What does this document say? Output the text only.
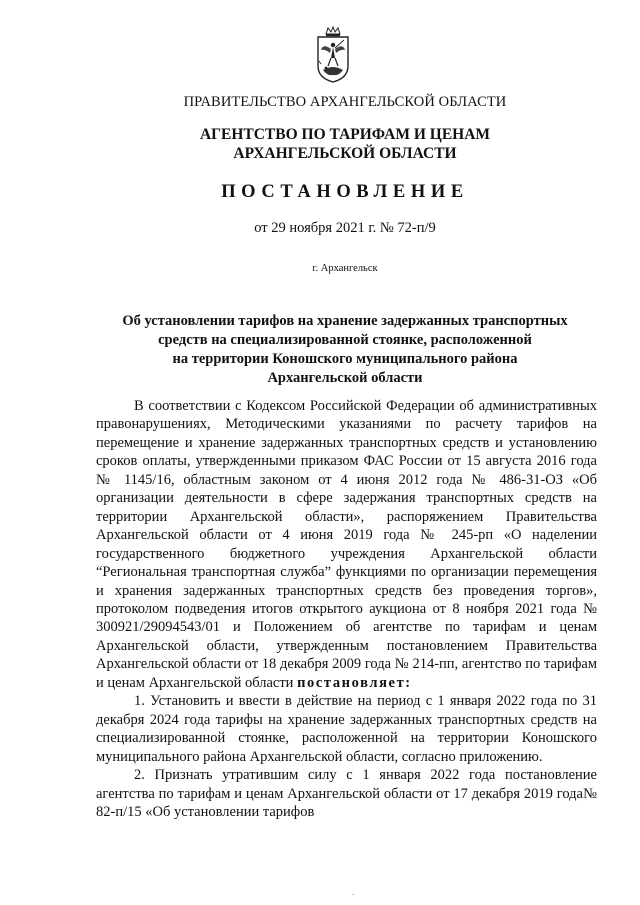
ПРАВИТЕЛЬСТВО АРХАНГЕЛЬСКОЙ ОБЛАСТИ
АГЕНТСТВО ПО ТАРИФАМ И ЦЕНАМ
АРХАНГЕЛЬСКОЙ ОБЛАСТИ
ПОСТАНОВЛЕНИЕ
от 29 ноября 2021 г. № 72-п/9
г. Архангельск
Об установлении тарифов на хранение задержанных транспортных
средств на специализированной стоянке, расположенной
на территории Коношского муниципального района
Архангельской области

В соответствии с Кодексом Российской Федерации об административных правонарушениях, Методическими указаниями по расчету тарифов на перемещение и хранение задержанных транспортных средств и установлению сроков оплаты, утвержденными приказом ФАС России от 15 августа 2016 года № 1145/16, областным законом от 4 июня 2012 года № 486-31-ОЗ «Об организации деятельности в сфере задержания транспортных средств на территории Архангельской области», распоряжением Правительства Архангельской области от 4 июня 2019 года № 245-рп «О наделении государственного бюджетного учреждения Архангельской области “Региональная транспортная служба” функциями по организации перемещения и хранения задержанных транспортных средств без проведения торгов», протоколом подведения итогов открытого аукциона от 8 ноября 2021 года № 300921/29094543/01 и Положением об агентстве по тарифам и ценам Архангельской области, утвержденным постановлением Правительства Архангельской области от 18 декабря 2009 года № 214-пп, агентство по тарифам и ценам Архангельской области постановляет:

1. Установить и ввести в действие на период с 1 января 2022 года по 31 декабря 2024 года тарифы на хранение задержанных транспортных средств на специализированной стоянке, расположенной на территории Коношского муниципального района Архангельской области, согласно приложению.

2. Признать утратившим силу с 1 января 2022 года постановление агентства по тарифам и ценам Архангельской области от 17 декабря 2019 года№ 82-п/15 «Об установлении тарифов

.
